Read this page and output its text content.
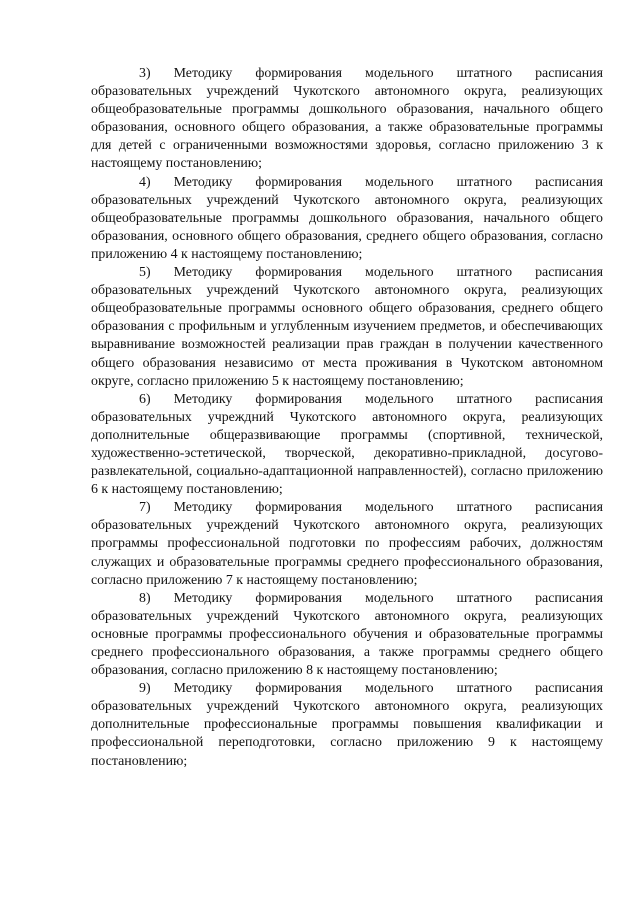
3) Методику формирования модельного штатного расписания образовательных учреждений Чукотского автономного округа, реализующих общеобразовательные программы дошкольного образования, начального общего образования, основного общего образования, а также образовательные программы для детей с ограниченными возможностями здоровья, согласно приложению 3 к настоящему постановлению;

4) Методику формирования модельного штатного расписания образовательных учреждений Чукотского автономного округа, реализующих общеобразовательные программы дошкольного образования, начального общего образования, основного общего образования, среднего общего образования, согласно приложению 4 к настоящему постановлению;

5) Методику формирования модельного штатного расписания образовательных учреждений Чукотского автономного округа, реализующих общеобразовательные программы основного общего образования, среднего общего образования с профильным и углубленным изучением предметов, и обеспечивающих выравнивание возможностей реализации прав граждан в получении качественного общего образования независимо от места проживания в Чукотском автономном округе, согласно приложению 5 к настоящему постановлению;

6) Методику формирования модельного штатного расписания образовательных учреждний Чукотского автономного округа, реализующих дополнительные общеразвивающие программы (спортивной, технической, художественно-эстетической, творческой, декоративно-прикладной, досугово-развлекательной, социально-адаптационной направленностей), согласно приложению 6 к настоящему постановлению;

7) Методику формирования модельного штатного расписания образовательных учреждений Чукотского автономного округа, реализующих программы профессиональной подготовки по профессиям рабочих, должностям служащих и образовательные программы среднего профессионального образования, согласно приложению 7 к настоящему постановлению;

8) Методику формирования модельного штатного расписания образовательных учреждений Чукотского автономного округа, реализующих основные программы профессионального обучения и образовательные программы среднего профессионального образования, а также программы среднего общего образования, согласно приложению 8 к настоящему постановлению;

9) Методику формирования модельного штатного расписания образовательных учреждений Чукотского автономного округа, реализующих дополнительные профессиональные программы повышения квалификации и профессиональной переподготовки, согласно приложению 9 к настоящему постановлению;
